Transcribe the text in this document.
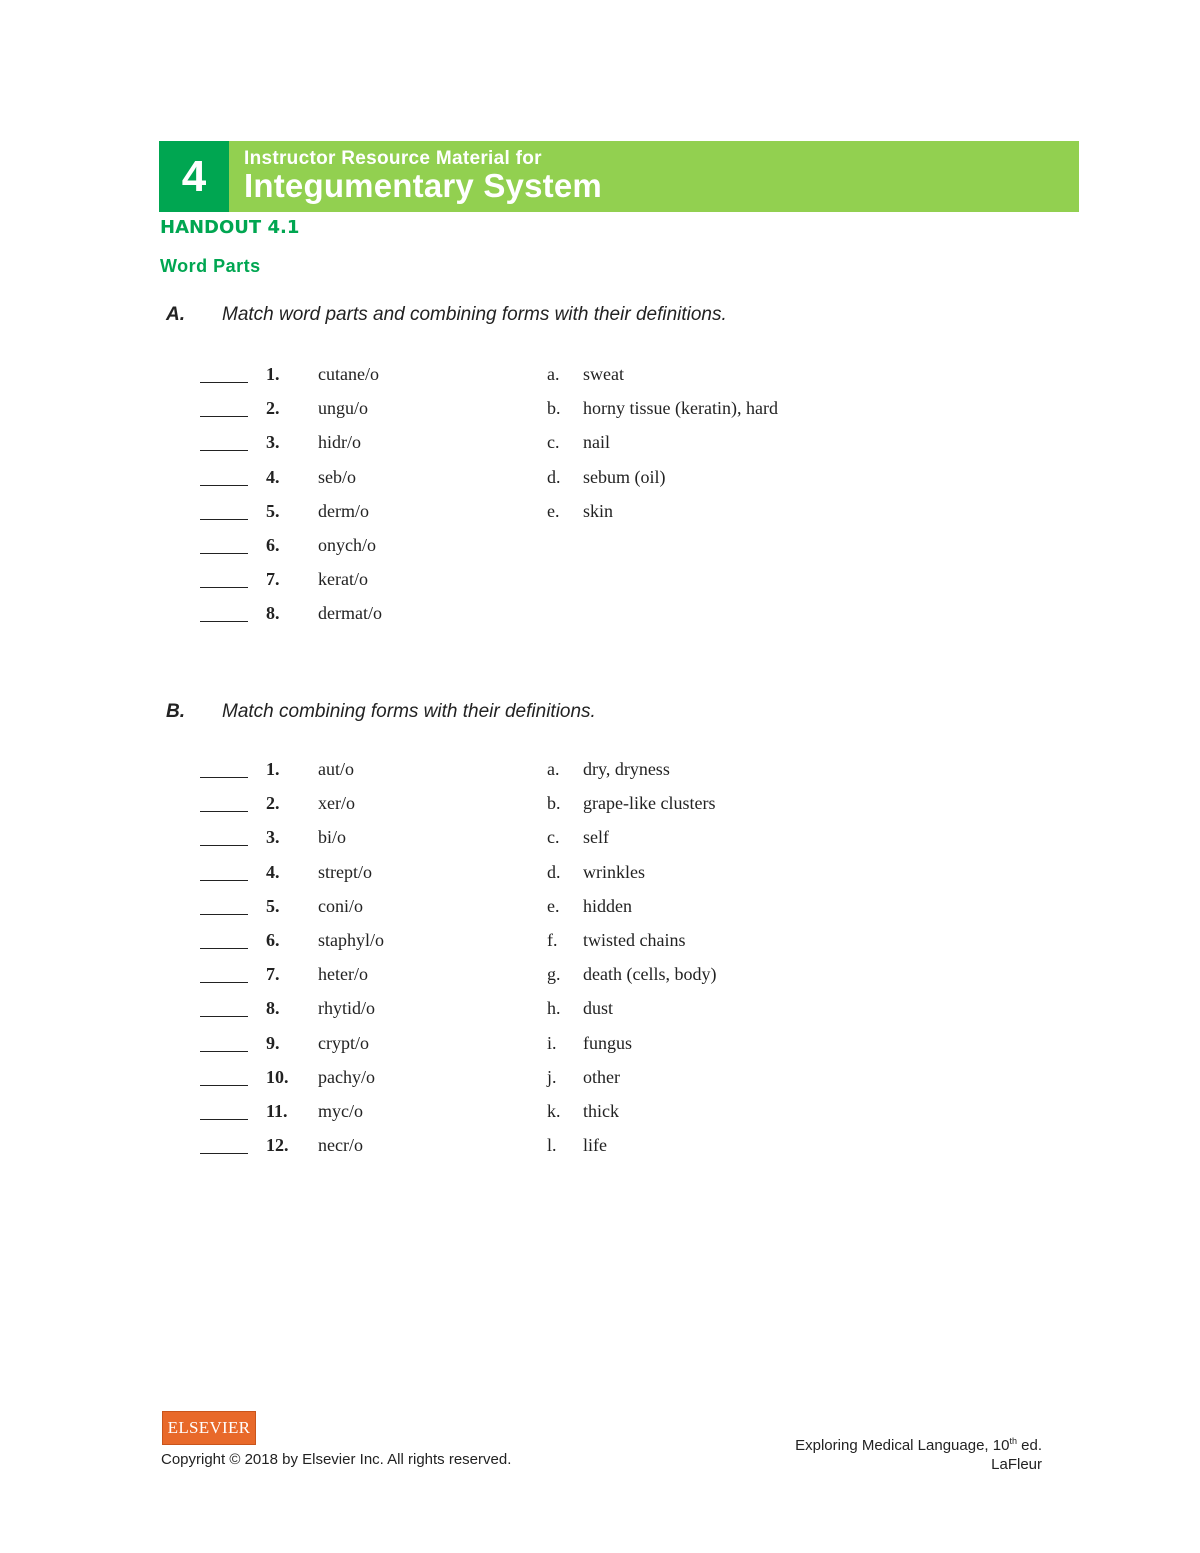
4	Instructor Resource Material for
Integumentary System
HANDOUT 4.1
Word Parts
A. Match word parts and combining forms with their definitions.
1. cutane/o	a. sweat
2. ungu/o	b. horny tissue (keratin), hard
3. hidr/o	c. nail
4. seb/o	d. sebum (oil)
5. derm/o	e. skin
6. onych/o
7. kerat/o
8. dermat/o
B. Match combining forms with their definitions.
1. aut/o	a. dry, dryness
2. xer/o	b. grape-like clusters
3. bi/o	c. self
4. strept/o	d. wrinkles
5. coni/o	e. hidden
6. staphyl/o	f. twisted chains
7. heter/o	g. death (cells, body)
8. rhytid/o	h. dust
9. crypt/o	i. fungus
10. pachy/o	j. other
11. myc/o	k. thick
12. necr/o	l. life
ELSEVIER
Copyright © 2018 by Elsevier Inc. All rights reserved.
Exploring Medical Language, 10th ed.
LaFleur
